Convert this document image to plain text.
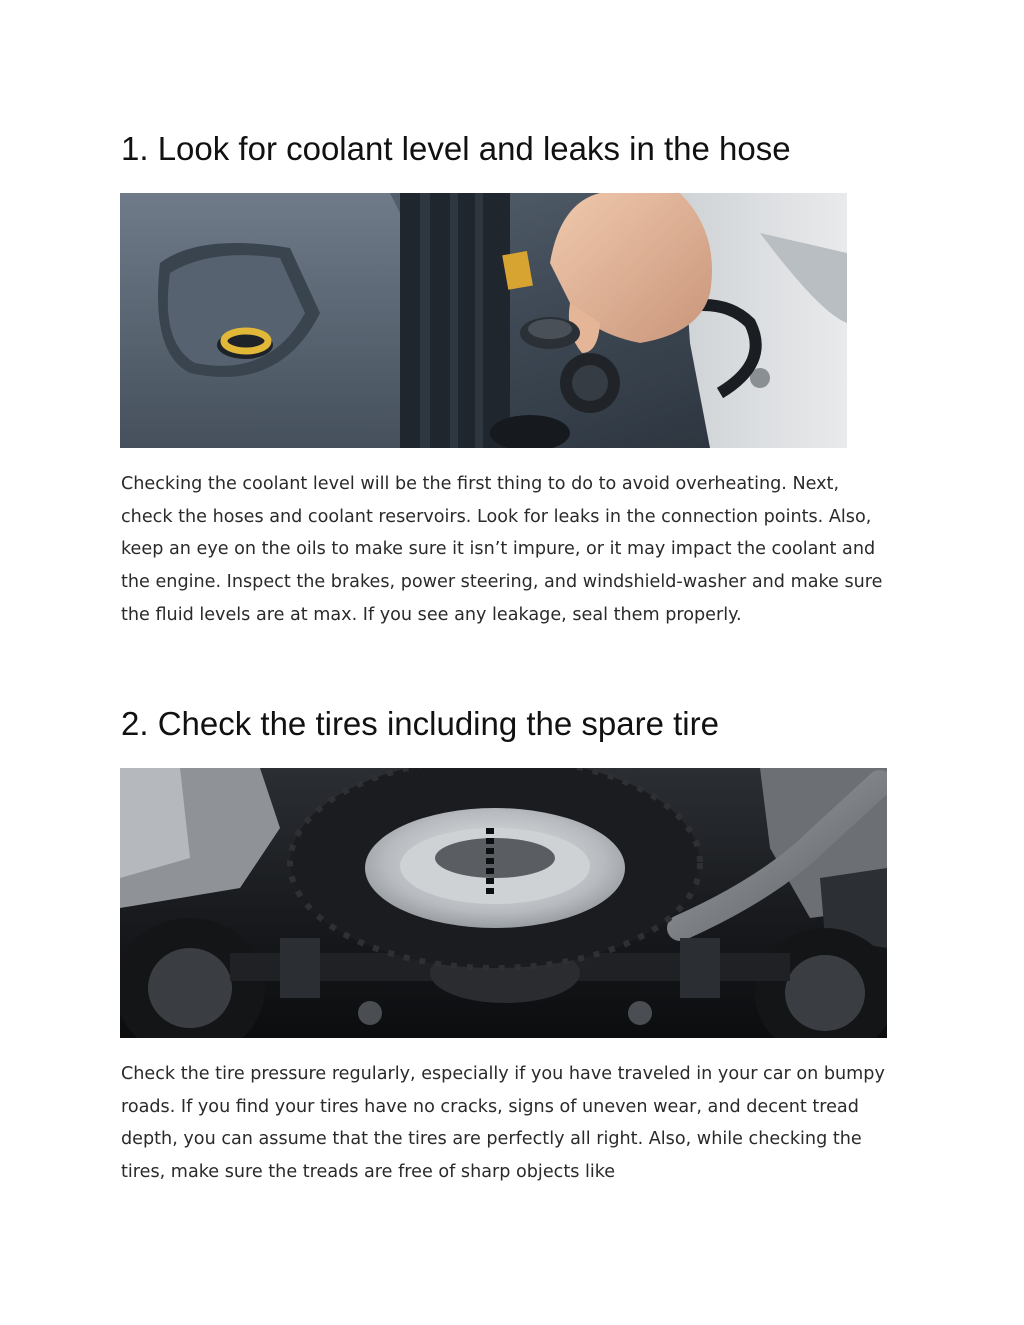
1. Look for coolant level and leaks in the hose

Checking the coolant level will be the first thing to do to avoid overheating. Next, check the hoses and coolant reservoirs. Look for leaks in the connection points. Also, keep an eye on the oils to make sure it isn’t impure, or it may impact the coolant and the engine. Inspect the brakes, power steering, and windshield-washer and make sure the fluid levels are at max. If you see any leakage, seal them properly.

2. Check the tires including the spare tire

Check the tire pressure regularly, especially if you have traveled in your car on bumpy roads. If you find your tires have no cracks, signs of uneven wear, and decent tread depth, you can assume that the tires are perfectly all right. Also, while checking the tires, make sure the treads are free of sharp objects like
